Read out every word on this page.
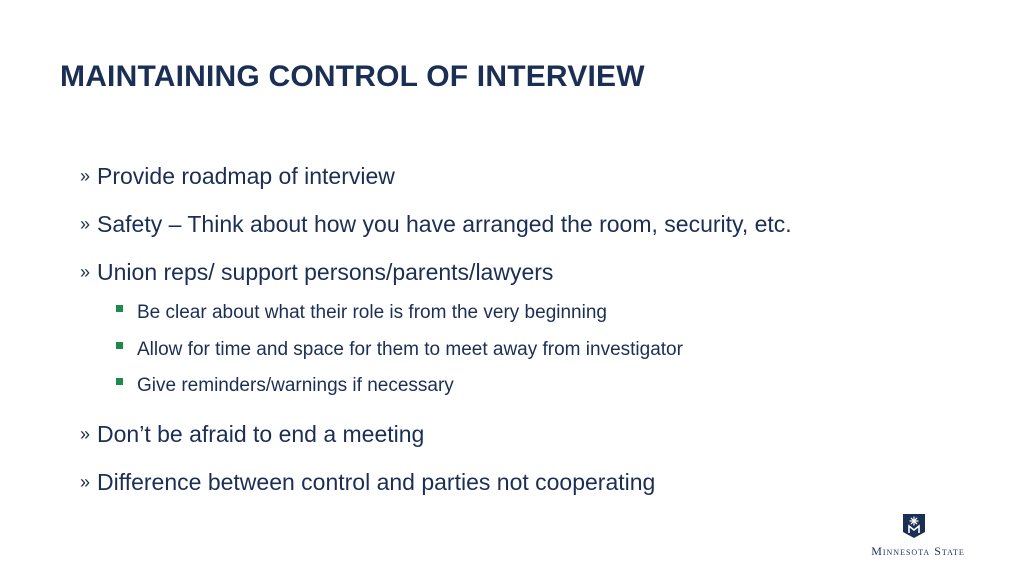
MAINTAINING CONTROL OF INTERVIEW
» Provide roadmap of interview
» Safety – Think about how you have arranged the room, security, etc.
» Union reps/ support persons/parents/lawyers
Be clear about what their role is from the very beginning
Allow for time and space for them to meet away from investigator
Give reminders/warnings if necessary
» Don’t be afraid to end a meeting
» Difference between control and parties not cooperating
Minnesota State
